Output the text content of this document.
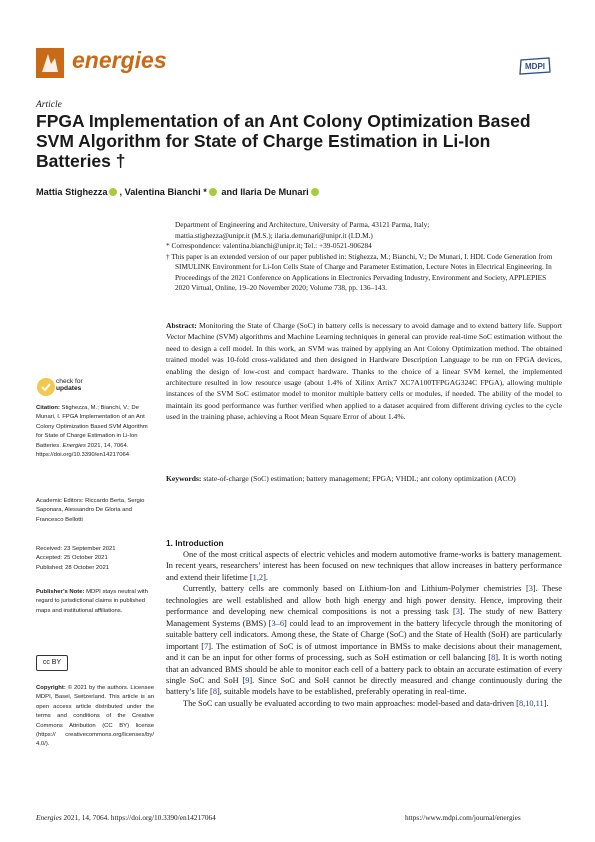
energies	MDPI
Article
FPGA Implementation of an Ant Colony Optimization Based SVM Algorithm for State of Charge Estimation in Li-Ion Batteries †
Mattia Stighezza , Valentina Bianchi * and Ilaria De Munari

Department of Engineering and Architecture, University of Parma, 43121 Parma, Italy;

mattia.stighezza@unipr.it (M.S.); ilaria.demunari@unipr.it (I.D.M.)

* Correspondence: valentina.bianchi@unipr.it; Tel.: +39-0521-906284

† This paper is an extended version of our paper published in: Stighezza, M.; Bianchi, V.; De Munari, I. HDL Code Generation from SIMULINK Environment for Li-Ion Cells State of Charge and Parameter Estimation, Lecture Notes in Electrical Engineering. In Proceedings of the 2021 Conference on Applications in Electronics Pervading Industry, Environment and Society, APPLEPIES 2020 Virtual, Online, 19–20 November 2020; Volume 738, pp. 136–143.

Abstract: Monitoring the State of Charge (SoC) in battery cells is necessary to avoid damage and to extend battery life. Support Vector Machine (SVM) algorithms and Machine Learning techniques in general can provide real-time SoC estimation without the need to design a cell model. In this work, an SVM was trained by applying an Ant Colony Optimization method. The obtained trained model was 10-fold cross-validated and then designed in Hardware Description Language to be run on FPGA devices, enabling the design of low-cost and compact hardware. Thanks to the choice of a linear SVM kernel, the implemented architecture resulted in low resource usage (about 1.4% of Xilinx Artix7 XC7A100TFPGAG324C FPGA), allowing multiple instances of the SVM SoC estimator model to monitor multiple battery cells or modules, if needed. The ability of the model to maintain its good performance was further verified when applied to a dataset acquired from different driving cycles to the cycle used in the training phase, achieving a Root Mean Square Error of about 1.4%.
Keywords: state-of-charge (SoC) estimation; battery management; FPGA; VHDL; ant colony optimization (ACO)
check for
updates

Citation: Stighezza, M.; Bianchi, V.; De Munari, I. FPGA Implementation of an Ant Colony Optimization Based SVM Algorithm for State of Charge Estimation in Li-Ion Batteries. Energies 2021, 14, 7064. https://doi.org/10.3390/en14217064

Academic Editors: Riccardo Berta, Sergio Saponara, Alessandro De Gloria and Francesco Bellotti

Received: 23 September 2021

Accepted: 25 October 2021

Published: 28 October 2021

Publisher’s Note: MDPI stays neutral with regard to jurisdictional claims in published maps and institutional affiliations.

cc BY

Copyright: © 2021 by the authors. Licensee MDPI, Basel, Switzerland. This article is an open access article distributed under the terms and conditions of the Creative Commons Attribution (CC BY) license (https:// creativecommons.org/licenses/by/ 4.0/).

1. Introduction

One of the most critical aspects of electric vehicles and modern automotive frame-works is battery management. In recent years, researchers’ interest has been focused on new techniques that allow increases in battery performance and extend their lifetime [1,2].

Currently, battery cells are commonly based on Lithium-Ion and Lithium-Polymer chemistries [3]. These technologies are well established and allow both high energy and high power density. Hence, improving their performance and developing new chemical compositions is not a pressing task [3]. The study of new Battery Management Systems (BMS) [3–6] could lead to an improvement in the battery lifecycle through the monitoring of suitable battery cell indicators. Among these, the State of Charge (SoC) and the State of Health (SoH) are particularly important [7]. The estimation of SoC is of utmost importance in BMSs to make decisions about their management, and it can be an input for other forms of processing, such as SoH estimation or cell balancing [8]. It is worth noting that an advanced BMS should be able to monitor each cell of a battery pack to obtain an accurate estimation of every single SoC and SoH [9]. Since SoC and SoH cannot be directly measured and change continuously during the battery’s life [8], suitable models have to be established, preferably operating in real-time.

The SoC can usually be evaluated according to two main approaches: model-based and data-driven [8,10,11].

Energies 2021, 14, 7064. https://doi.org/10.3390/en14217064	https://www.mdpi.com/journal/energies
